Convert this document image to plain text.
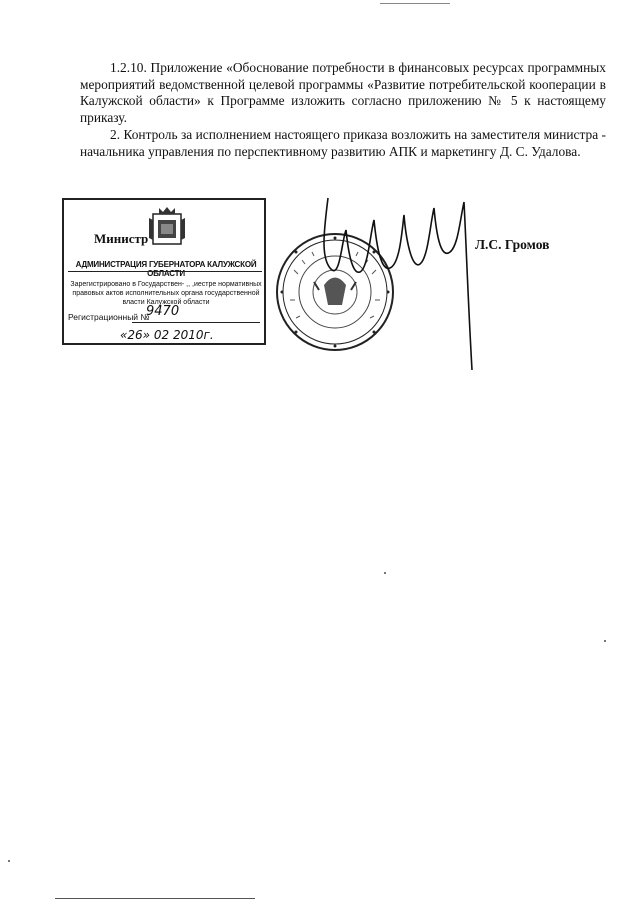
1.2.10. Приложение «Обоснование потребности в финансовых ресурсах программных мероприятий ведомственной целевой программы «Развитие потребительской кооперации в Калужской области» к Программе изложить согласно приложению № 5 к настоящему приказу.

2. Контроль за исполнением настоящего приказа возложить на заместителя министра - начальника управления по перспективному развитию АПК и маркетингу Д. С. Удалова.

Министр
АДМИНИСТРАЦИЯ ГУБЕРНАТОРА КАЛУЖСКОЙ ОБЛАСТИ
Зарегистрировано в Государствен- ,, ,иестре нормативных правовых актов исполнительных органа государственной власти Калужской области
Регистрационный №
9470
«26» 02 2010г.
Л.С. Громов
